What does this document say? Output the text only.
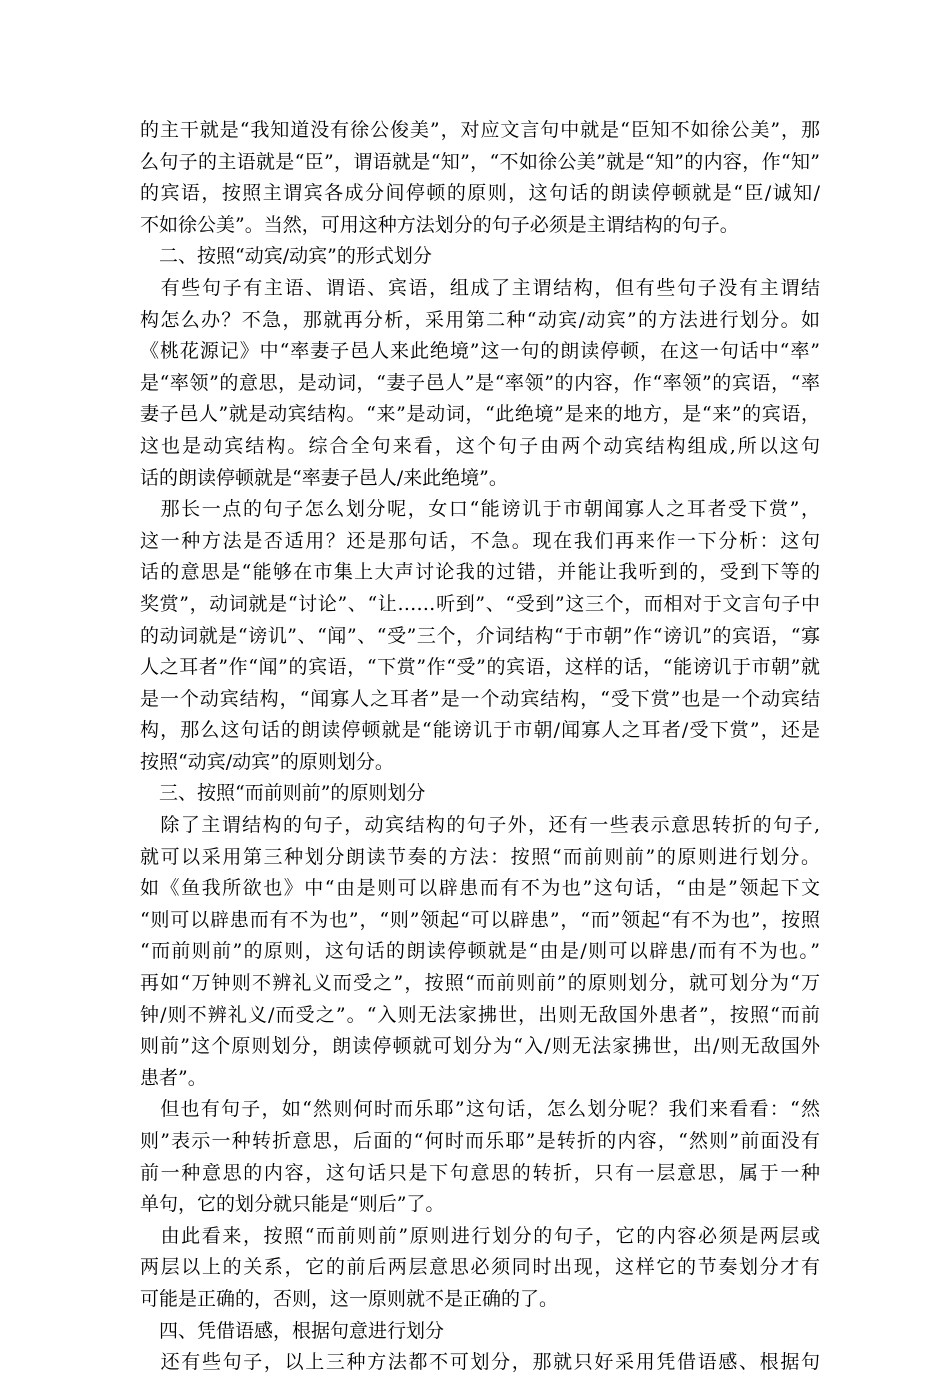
的主干就是“我知道没有徐公俊美”，对应文言句中就是“臣知不如徐公美”，那
么句子的主语就是“臣”，谓语就是“知”，“不如徐公美”就是“知”的内容，作“知”
的宾语，按照主谓宾各成分间停顿的原则，这句话的朗读停顿就是“臣/诚知/
不如徐公美”。当然，可用这种方法划分的句子必须是主谓结构的句子。
　二、按照“动宾/动宾”的形式划分
　有些句子有主语、谓语、宾语，组成了主谓结构，但有些句子没有主谓结
构怎么办？不急，那就再分析，采用第二种“动宾/动宾”的方法进行划分。如
《桃花源记》中“率妻子邑人来此绝境”这一句的朗读停顿，在这一句话中“率”
是“率领”的意思，是动词，“妻子邑人”是“率领”的内容，作“率领”的宾语，“率
妻子邑人”就是动宾结构。“来”是动词，“此绝境”是来的地方，是“来”的宾语，
这也是动宾结构。综合全句来看，这个句子由两个动宾结构组成,所以这句
话的朗读停顿就是“率妻子邑人/来此绝境”。
　那长一点的句子怎么划分呢，女口“能谤讥于市朝闻寡人之耳者受下赏”，
这一种方法是否适用？还是那句话，不急。现在我们再来作一下分析：这句
话的意思是“能够在市集上大声讨论我的过错，并能让我听到的，受到下等的
奖赏”，动词就是“讨论”、“让……听到”、“受到”这三个，而相对于文言句子中
的动词就是“谤讥”、“闻”、“受”三个，介词结构“于市朝”作“谤讥”的宾语，“寡
人之耳者”作“闻”的宾语，“下赏”作“受”的宾语，这样的话，“能谤讥于市朝”就
是一个动宾结构，“闻寡人之耳者”是一个动宾结构，“受下赏”也是一个动宾结
构，那么这句话的朗读停顿就是“能谤讥于市朝/闻寡人之耳者/受下赏”，还是
按照“动宾/动宾”的原则划分。
　三、按照“而前则前”的原则划分
　除了主谓结构的句子，动宾结构的句子外，还有一些表示意思转折的句子,
就可以采用第三种划分朗读节奏的方法：按照“而前则前”的原则进行划分。
如《鱼我所欲也》中“由是则可以辟患而有不为也”这句话，“由是”领起下文
“则可以辟患而有不为也”，“则”领起“可以辟患”，“而”领起“有不为也”，按照
“而前则前”的原则，这句话的朗读停顿就是“由是/则可以辟患/而有不为也。”
再如“万钟则不辨礼义而受之”，按照“而前则前”的原则划分，就可划分为“万
钟/则不辨礼义/而受之”。“入则无法家拂世，出则无敌国外患者”，按照“而前
则前”这个原则划分，朗读停顿就可划分为“入/则无法家拂世，出/则无敌国外
患者”。
　但也有句子，如“然则何时而乐耶”这句话，怎么划分呢？我们来看看：“然
则”表示一种转折意思，后面的“何时而乐耶”是转折的内容，“然则”前面没有
前一种意思的内容，这句话只是下句意思的转折，只有一层意思，属于一种
单句，它的划分就只能是“则后”了。
　由此看来，按照“而前则前”原则进行划分的句子，它的内容必须是两层或
两层以上的关系，它的前后两层意思必须同时出现，这样它的节奏划分才有
可能是正确的，否则，这一原则就不是正确的了。
　四、凭借语感，根据句意进行划分
　还有些句子，以上三种方法都不可划分，那就只好采用凭借语感、根据句
